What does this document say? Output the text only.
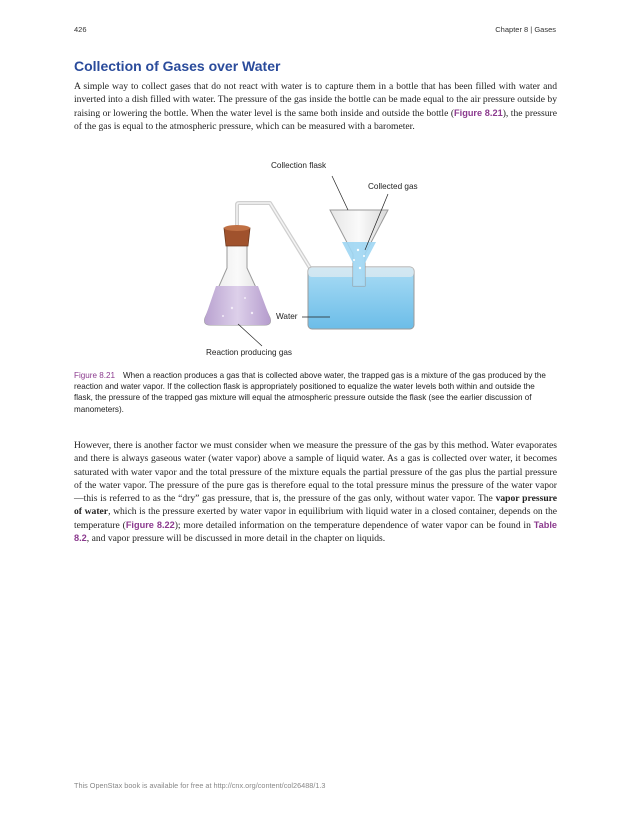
426	Chapter 8 | Gases
Collection of Gases over Water

A simple way to collect gases that do not react with water is to capture them in a bottle that has been filled with water and inverted into a dish filled with water. The pressure of the gas inside the bottle can be made equal to the air pressure outside by raising or lowering the bottle. When the water level is the same both inside and outside the bottle (Figure 8.21), the pressure of the gas is equal to the atmospheric pressure, which can be measured with a barometer.

Collection flask
Collected gas
Water
Reaction producing gas

Figure 8.21 When a reaction produces a gas that is collected above water, the trapped gas is a mixture of the gas produced by the reaction and water vapor. If the collection flask is appropriately positioned to equalize the water levels both within and outside the flask, the pressure of the trapped gas mixture will equal the atmospheric pressure outside the flask (see the earlier discussion of manometers).

However, there is another factor we must consider when we measure the pressure of the gas by this method. Water evaporates and there is always gaseous water (water vapor) above a sample of liquid water. As a gas is collected over water, it becomes saturated with water vapor and the total pressure of the mixture equals the partial pressure of the gas plus the partial pressure of the water vapor. The pressure of the pure gas is therefore equal to the total pressure minus the pressure of the water vapor—this is referred to as the “dry” gas pressure, that is, the pressure of the gas only, without water vapor. The vapor pressure of water, which is the pressure exerted by water vapor in equilibrium with liquid water in a closed container, depends on the temperature (Figure 8.22); more detailed information on the temperature dependence of water vapor can be found in Table 8.2, and vapor pressure will be discussed in more detail in the chapter on liquids.

This OpenStax book is available for free at http://cnx.org/content/col26488/1.3
